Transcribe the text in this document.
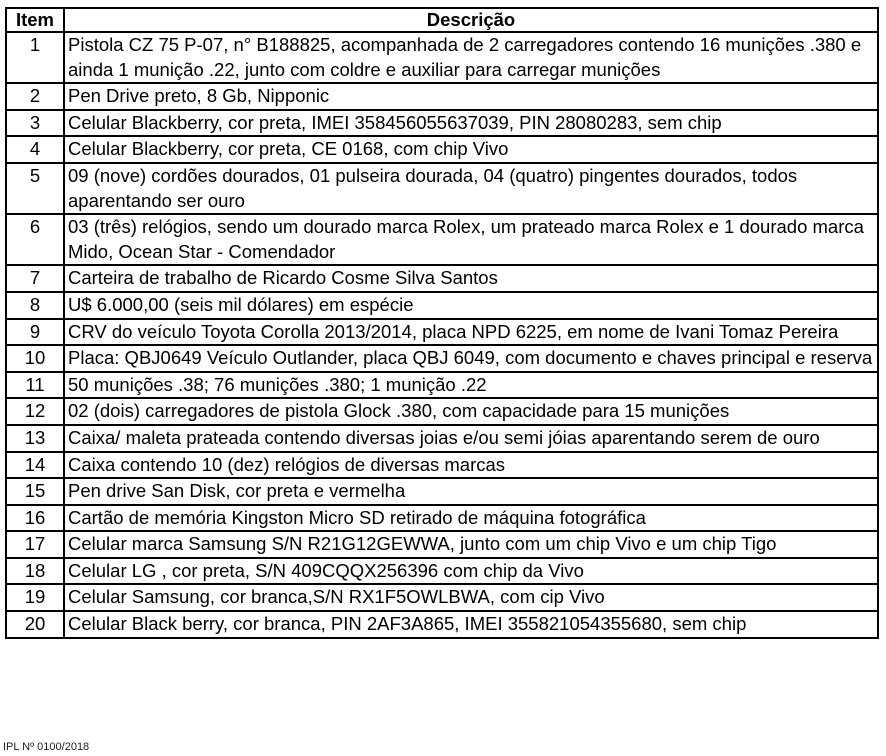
Item	Descrição
1	Pistola CZ 75 P-07, n° B188825, acompanhada de 2 carregadores contendo 16 munições .380 e ainda 1 munição .22, junto com coldre e auxiliar para carregar munições
2	Pen Drive preto, 8 Gb, Nipponic
3	Celular Blackberry, cor preta, IMEI 358456055637039, PIN 28080283, sem chip
4	Celular Blackberry, cor preta, CE 0168, com chip Vivo
5	09 (nove) cordões dourados, 01 pulseira dourada, 04 (quatro) pingentes dourados, todos aparentando ser ouro
6	03 (três) relógios, sendo um dourado marca Rolex, um prateado marca Rolex e 1 dourado marca Mido, Ocean Star - Comendador
7	Carteira de trabalho de Ricardo Cosme Silva Santos
8	U$ 6.000,00 (seis mil dólares) em espécie
9	CRV do veículo Toyota Corolla 2013/2014, placa NPD 6225, em nome de Ivani Tomaz Pereira
10	Placa: QBJ0649 Veículo Outlander, placa QBJ 6049, com documento e chaves principal e reserva
11	50 munições .38; 76 munições .380; 1 munição .22
12	02 (dois) carregadores de pistola Glock .380, com capacidade para 15 munições
13	Caixa/ maleta prateada contendo diversas joias e/ou semi jóias aparentando serem de ouro
14	Caixa contendo 10 (dez) relógios de diversas marcas
15	Pen drive San Disk, cor preta e vermelha
16	Cartão de memória Kingston Micro SD retirado de máquina fotográfica
17	Celular marca Samsung S/N R21G12GEWWA, junto com um chip Vivo e um chip Tigo
18	Celular LG , cor preta, S/N 409CQQX256396 com chip da Vivo
19	Celular Samsung, cor branca,S/N RX1F5OWLBWA, com cip Vivo
20	Celular Black berry, cor branca, PIN 2AF3A865, IMEI 355821054355680, sem chip
IPL Nº 0100/2018
